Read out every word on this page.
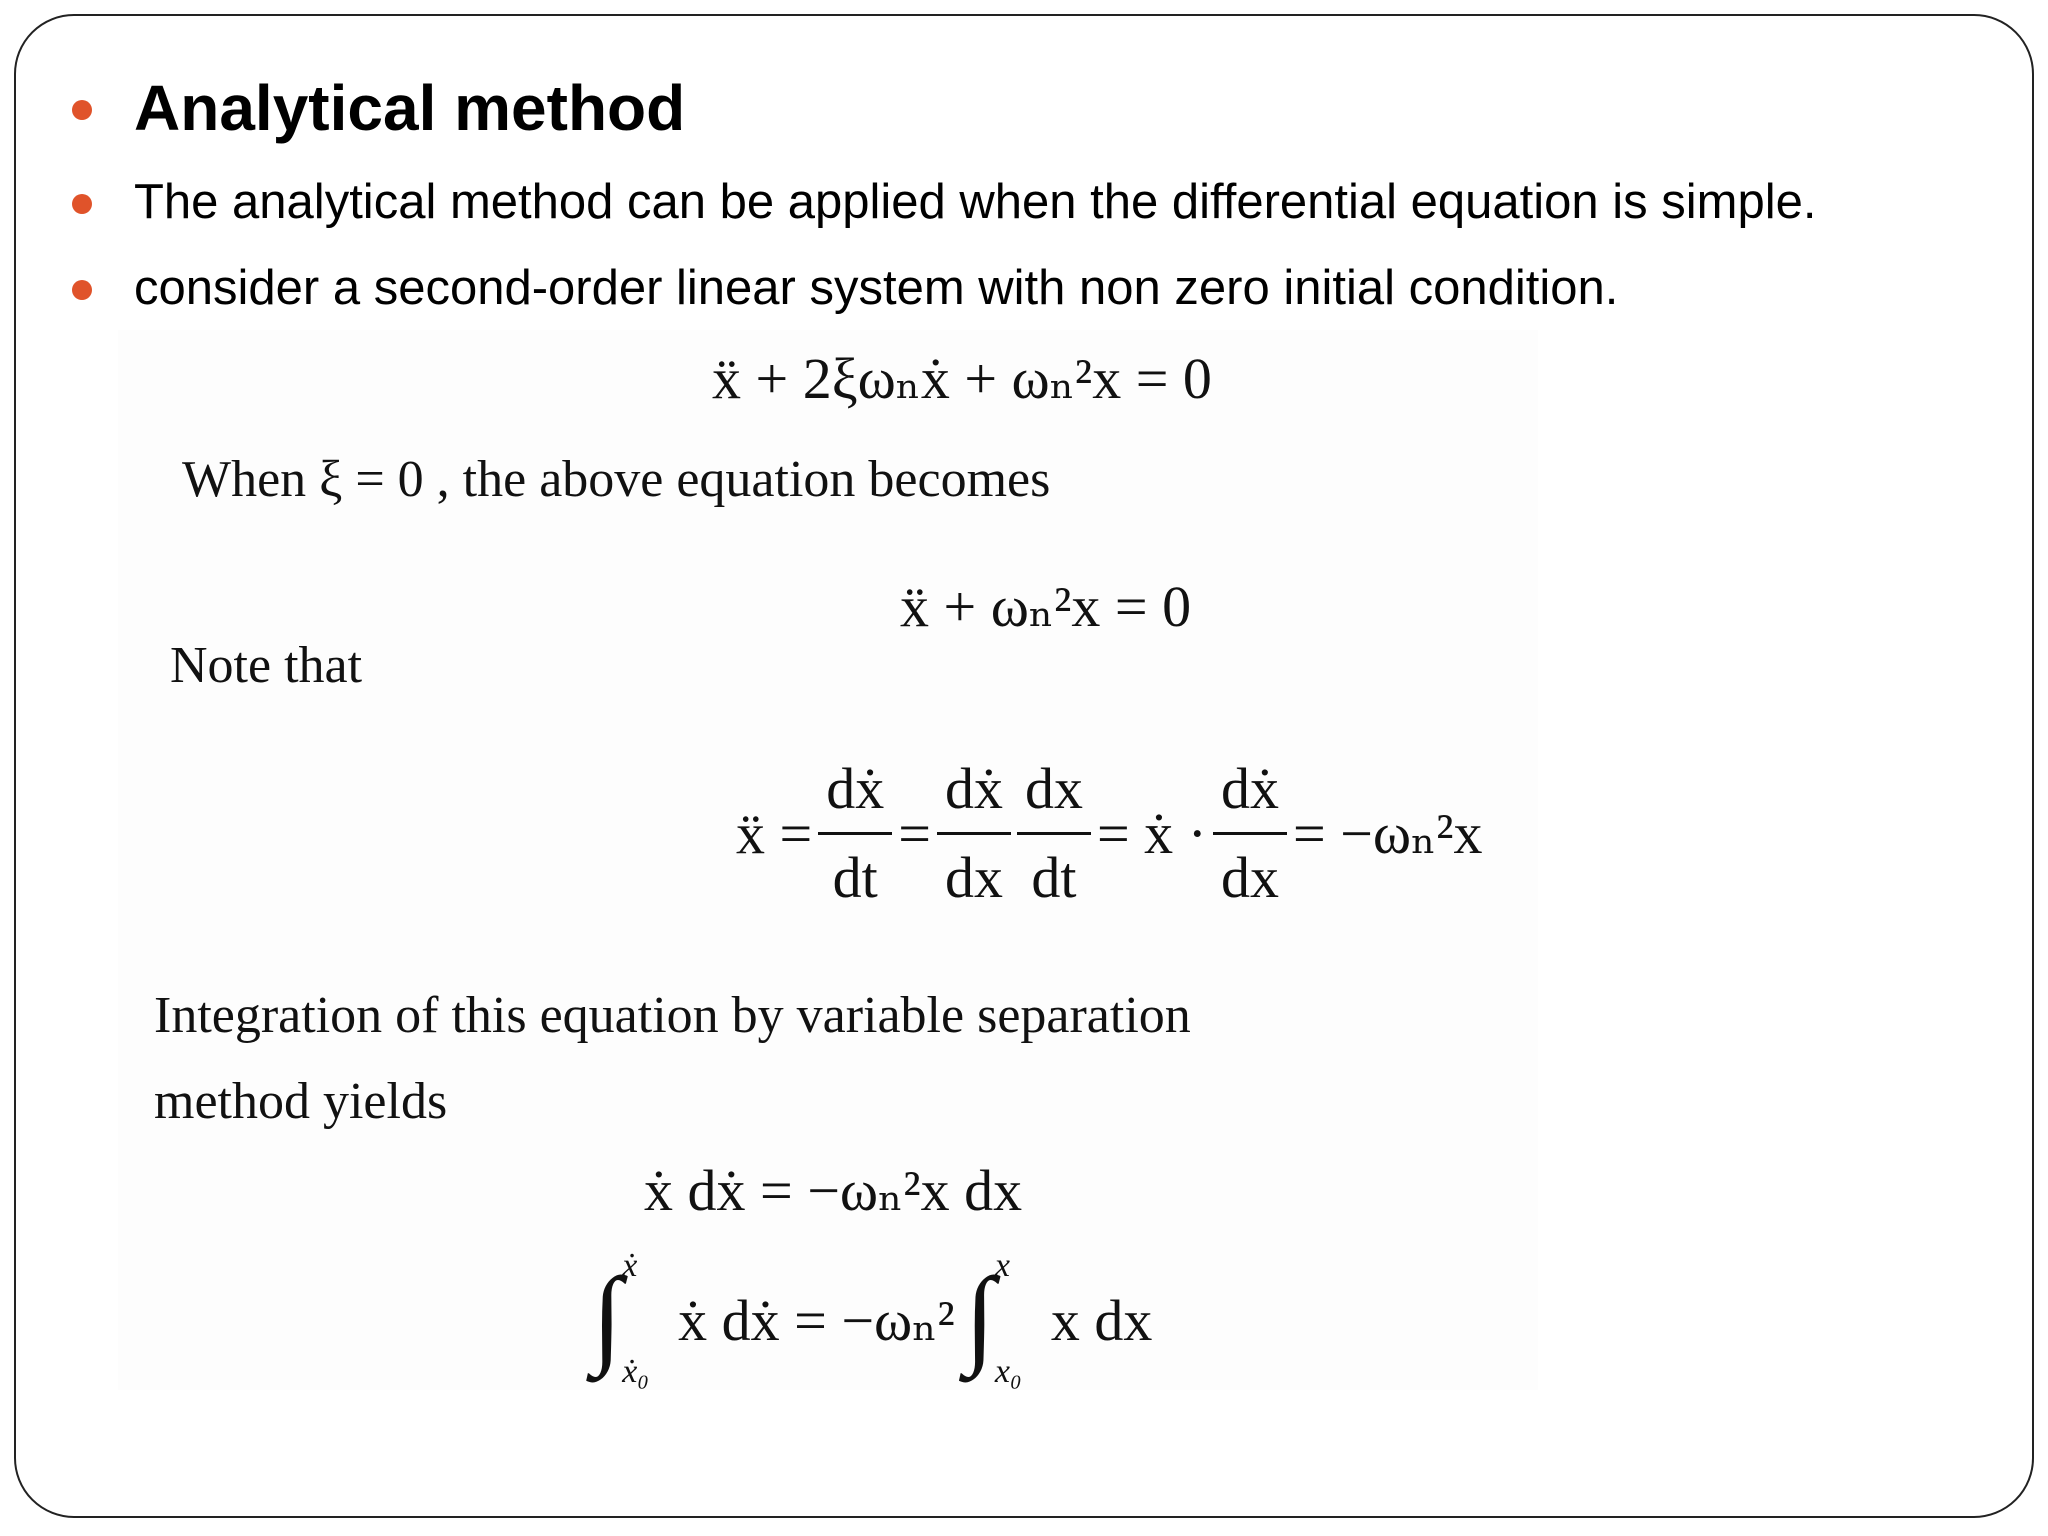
Analytical method
The analytical method can be applied when the differential equation is simple.
consider a second-order linear system with non zero initial condition.
ẍ + 2ξωₙẋ + ωₙ²x = 0
When ξ = 0 , the above equation becomes
ẍ + ωₙ²x = 0
Note that
ẍ = $\frac{\text{dẋ}}{dt} = \frac{\text{dẋ}}{dx} \frac{dx}{dt}$ = ẋ · $\frac{\text{dẋ}}{dx} = -\omega_n^2x$
Integration of this equation by variable separation
method yields
ẋ dẋ = −ωₙ²x dx
∫ ẋ
ẋ₀
ẋ dẋ = −ωₙ² ∫ x
x₀
x dx
